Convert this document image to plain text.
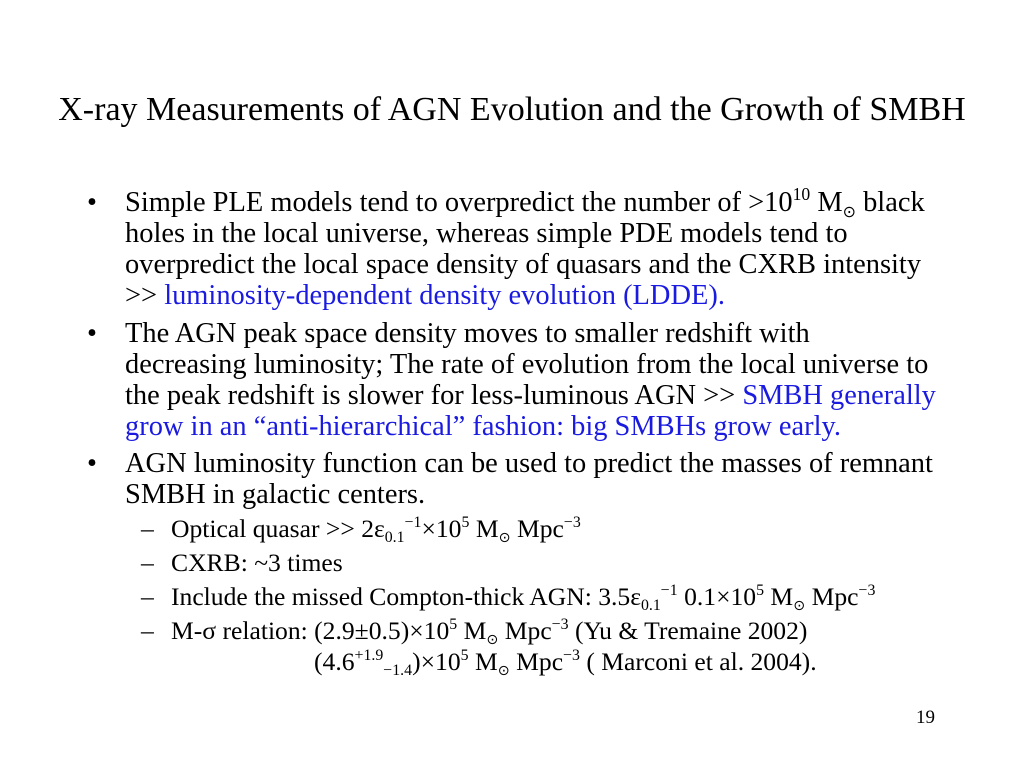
X-ray Measurements of AGN Evolution and the Growth of SMBH
• Simple PLE models tend to overpredict the number of $>10^{10}$ $M_⊙$ black
holes in the local universe, whereas simple PDE models tend to
overpredict the local space density of quasars and the CXRB intensity
>> luminosity-dependent density evolution (LDDE).
• The AGN peak space density moves to smaller redshift with
decreasing luminosity; The rate of evolution from the local universe to
the peak redshift is slower for less-luminous AGN >> SMBH generally
grow in an “anti-hierarchical” fashion: big SMBHs grow early.
• AGN luminosity function can be used to predict the masses of remnant
SMBH in galactic centers.
– Optical quasar >> $2\varepsilon 0.1^{-1}\times 10^5$ $M_⊙$ Mpc$^{-3}$
– CXRB: ~3 times
– Include the missed Compton-thick AGN: $3.5\varepsilon 0.1^{-1}$ $0.1\times 10^5$ $M_⊙$ Mpc$^{-3}$
– M-σ relation: $(2.9\pm 0.5)\times 10^5$ $M_⊙$ Mpc$^{-3}$ (Yu & Tremaine 2002)
$(4.6^{+1.9}-1.4)\times 10^5$ $M_⊙$ Mpc$^{-3}$ ( Marconi et al. 2004).
19
